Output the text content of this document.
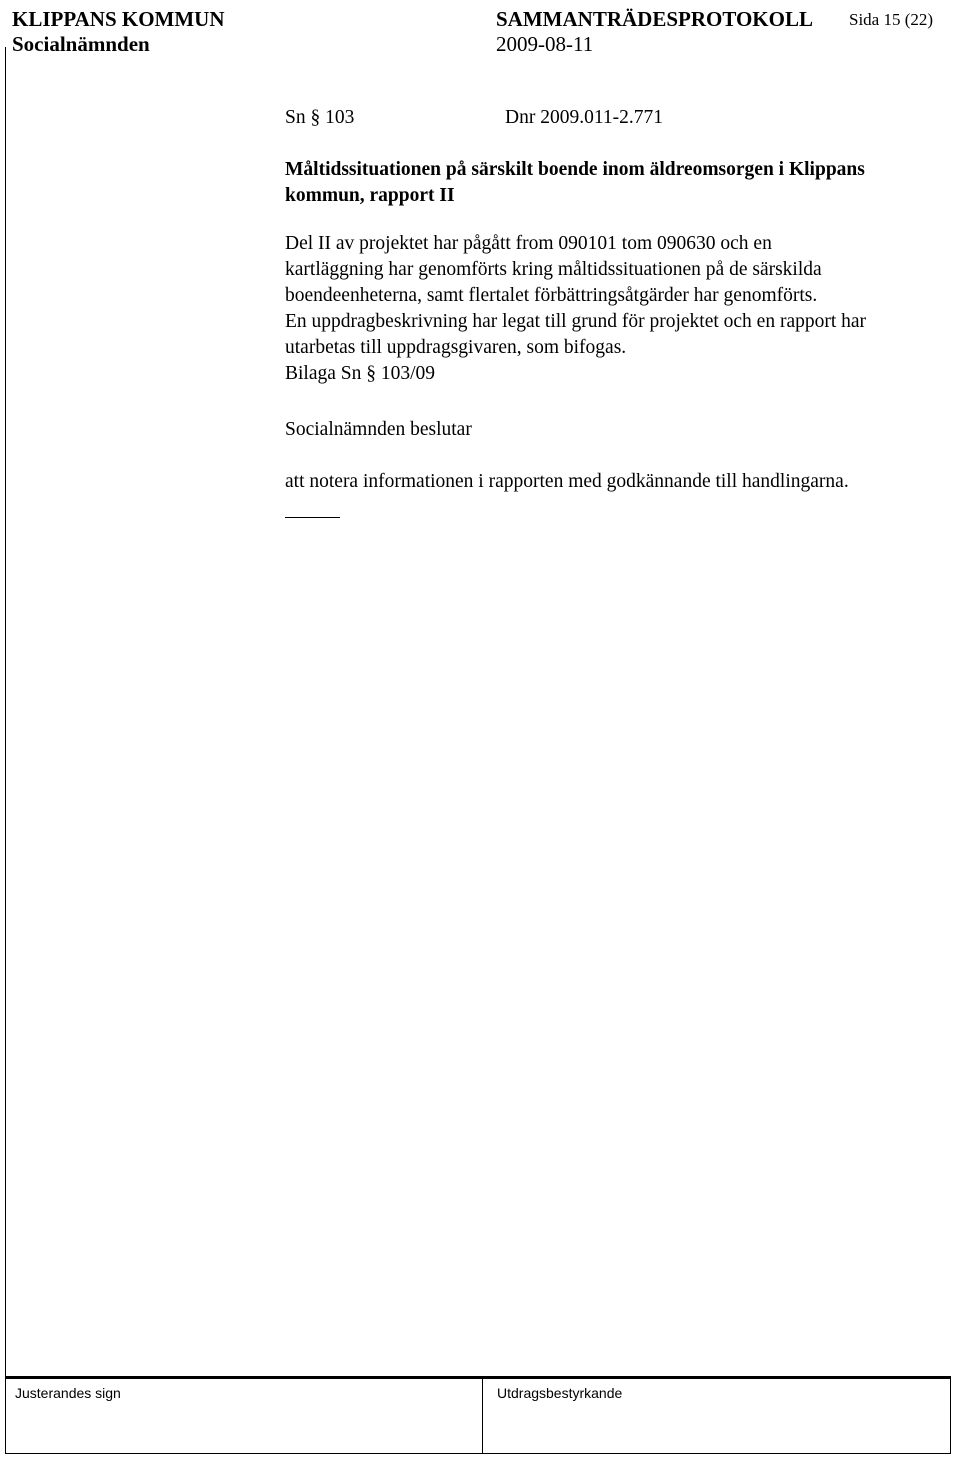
KLIPPANS KOMMUN	SAMMANTRÄDESPROTOKOLL Sida 15 (22)
Socialnämnden	2009-08-11
Sn § 103	Dnr 2009.011-2.771
Måltidssituationen på särskilt boende inom äldreomsorgen i Klippans
kommun, rapport II
Del II av projektet har pågått from 090101 tom 090630 och en
kartläggning har genomförts kring måltidssituationen på de särskilda
boendeenheterna, samt flertalet förbättringsåtgärder har genomförts.
En uppdragbeskrivning har legat till grund för projektet och en rapport har
utarbetas till uppdragsgivaren, som bifogas.
Bilaga Sn § 103/09
Socialnämnden beslutar
att notera informationen i rapporten med godkännande till handlingarna.
Justerandes sign	Utdragsbestyrkande
